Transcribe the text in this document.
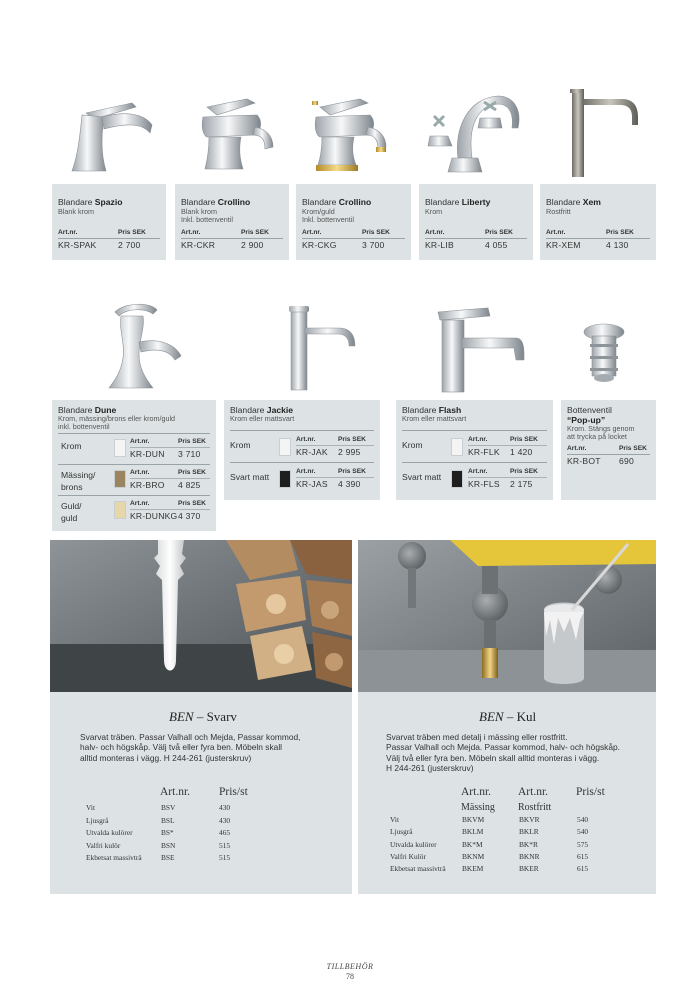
Blandare Spazio
Blank krom
Art.nr.	Pris SEK
KR-SPAK	2 700
Blandare Crollino
Blank krom
Inkl. bottenventil
Art.nr.	Pris SEK
KR-CKR	2 900
Blandare Crollino
Krom/guld
Inkl. bottenventil
Art.nr.	Pris SEK
KR-CKG	3 700
Blandare Liberty
Krom
Art.nr.	Pris SEK
KR-LIB	4 055
Blandare Xem
Rostfritt
Art.nr.	Pris SEK
KR-XEM	4 130
Blandare Dune
Krom, mässing/brons eller krom/guld
inkl. bottenventil
Krom	Art.nr.	Pris SEK
KR-DUN 3 710
Mässing/
brons
Art.nr.	Pris SEK
KR-BRO 4 825
Guld/
guld
Art.nr.	Pris SEK
KR-DUNKG 4 370
Blandare Jackie
Krom eller mattsvart
Krom
Art.nr.	Pris SEK
KR-JAK 2 995
Svart matt
Art.nr.	Pris SEK
KR-JAS 4 390
Blandare Flash
Krom eller mattsvart
Krom
Art.nr.	Pris SEK
KR-FLK 1 420
Svart matt
Art.nr.	Pris SEK
KR-FLS 2 175
Bottenventil
“Pop-up”
Krom. Stängs genom
att trycka på locket
Art.nr.	Pris SEK
KR-BOT 690
BEN – Svarv	BEN – Kul
Svarvat träben. Passar Valhall och Mejda, Passar kommod,
halv- och högskåp. Välj två eller fyra ben. Möbeln skall
alltid monteras i vägg. H 244-261 (justerskruv)
Svarvat träben med detalj i mässing eller rostfritt.
Passar Valhall och Mejda. Passar kommod, halv- och högskåp.
Välj två eller fyra ben. Möbeln skall alltid monteras i vägg.
H 244-261 (justerskruv)
Art.nr.	Pris/st
Vit	BSV	430
Ljusgrå	BSL	430
Utvalda kulörer	BS*	465
Valfri kulör	BSN	515
Ekbetsat massivträ	BSE	515
Art.nr. Art.nr. Pris/st
Mässing Rostfritt
Vit	BKVM	BKVR	540
Ljusgrå	BKLM	BKLR	540
Utvalda kulörer	BK*M	BK*R	575
Valfri Kulör	BKNM	BKNR	615
Ekbetsat massivträ BKEM	BKER	615
TILLBEHÖR
78
